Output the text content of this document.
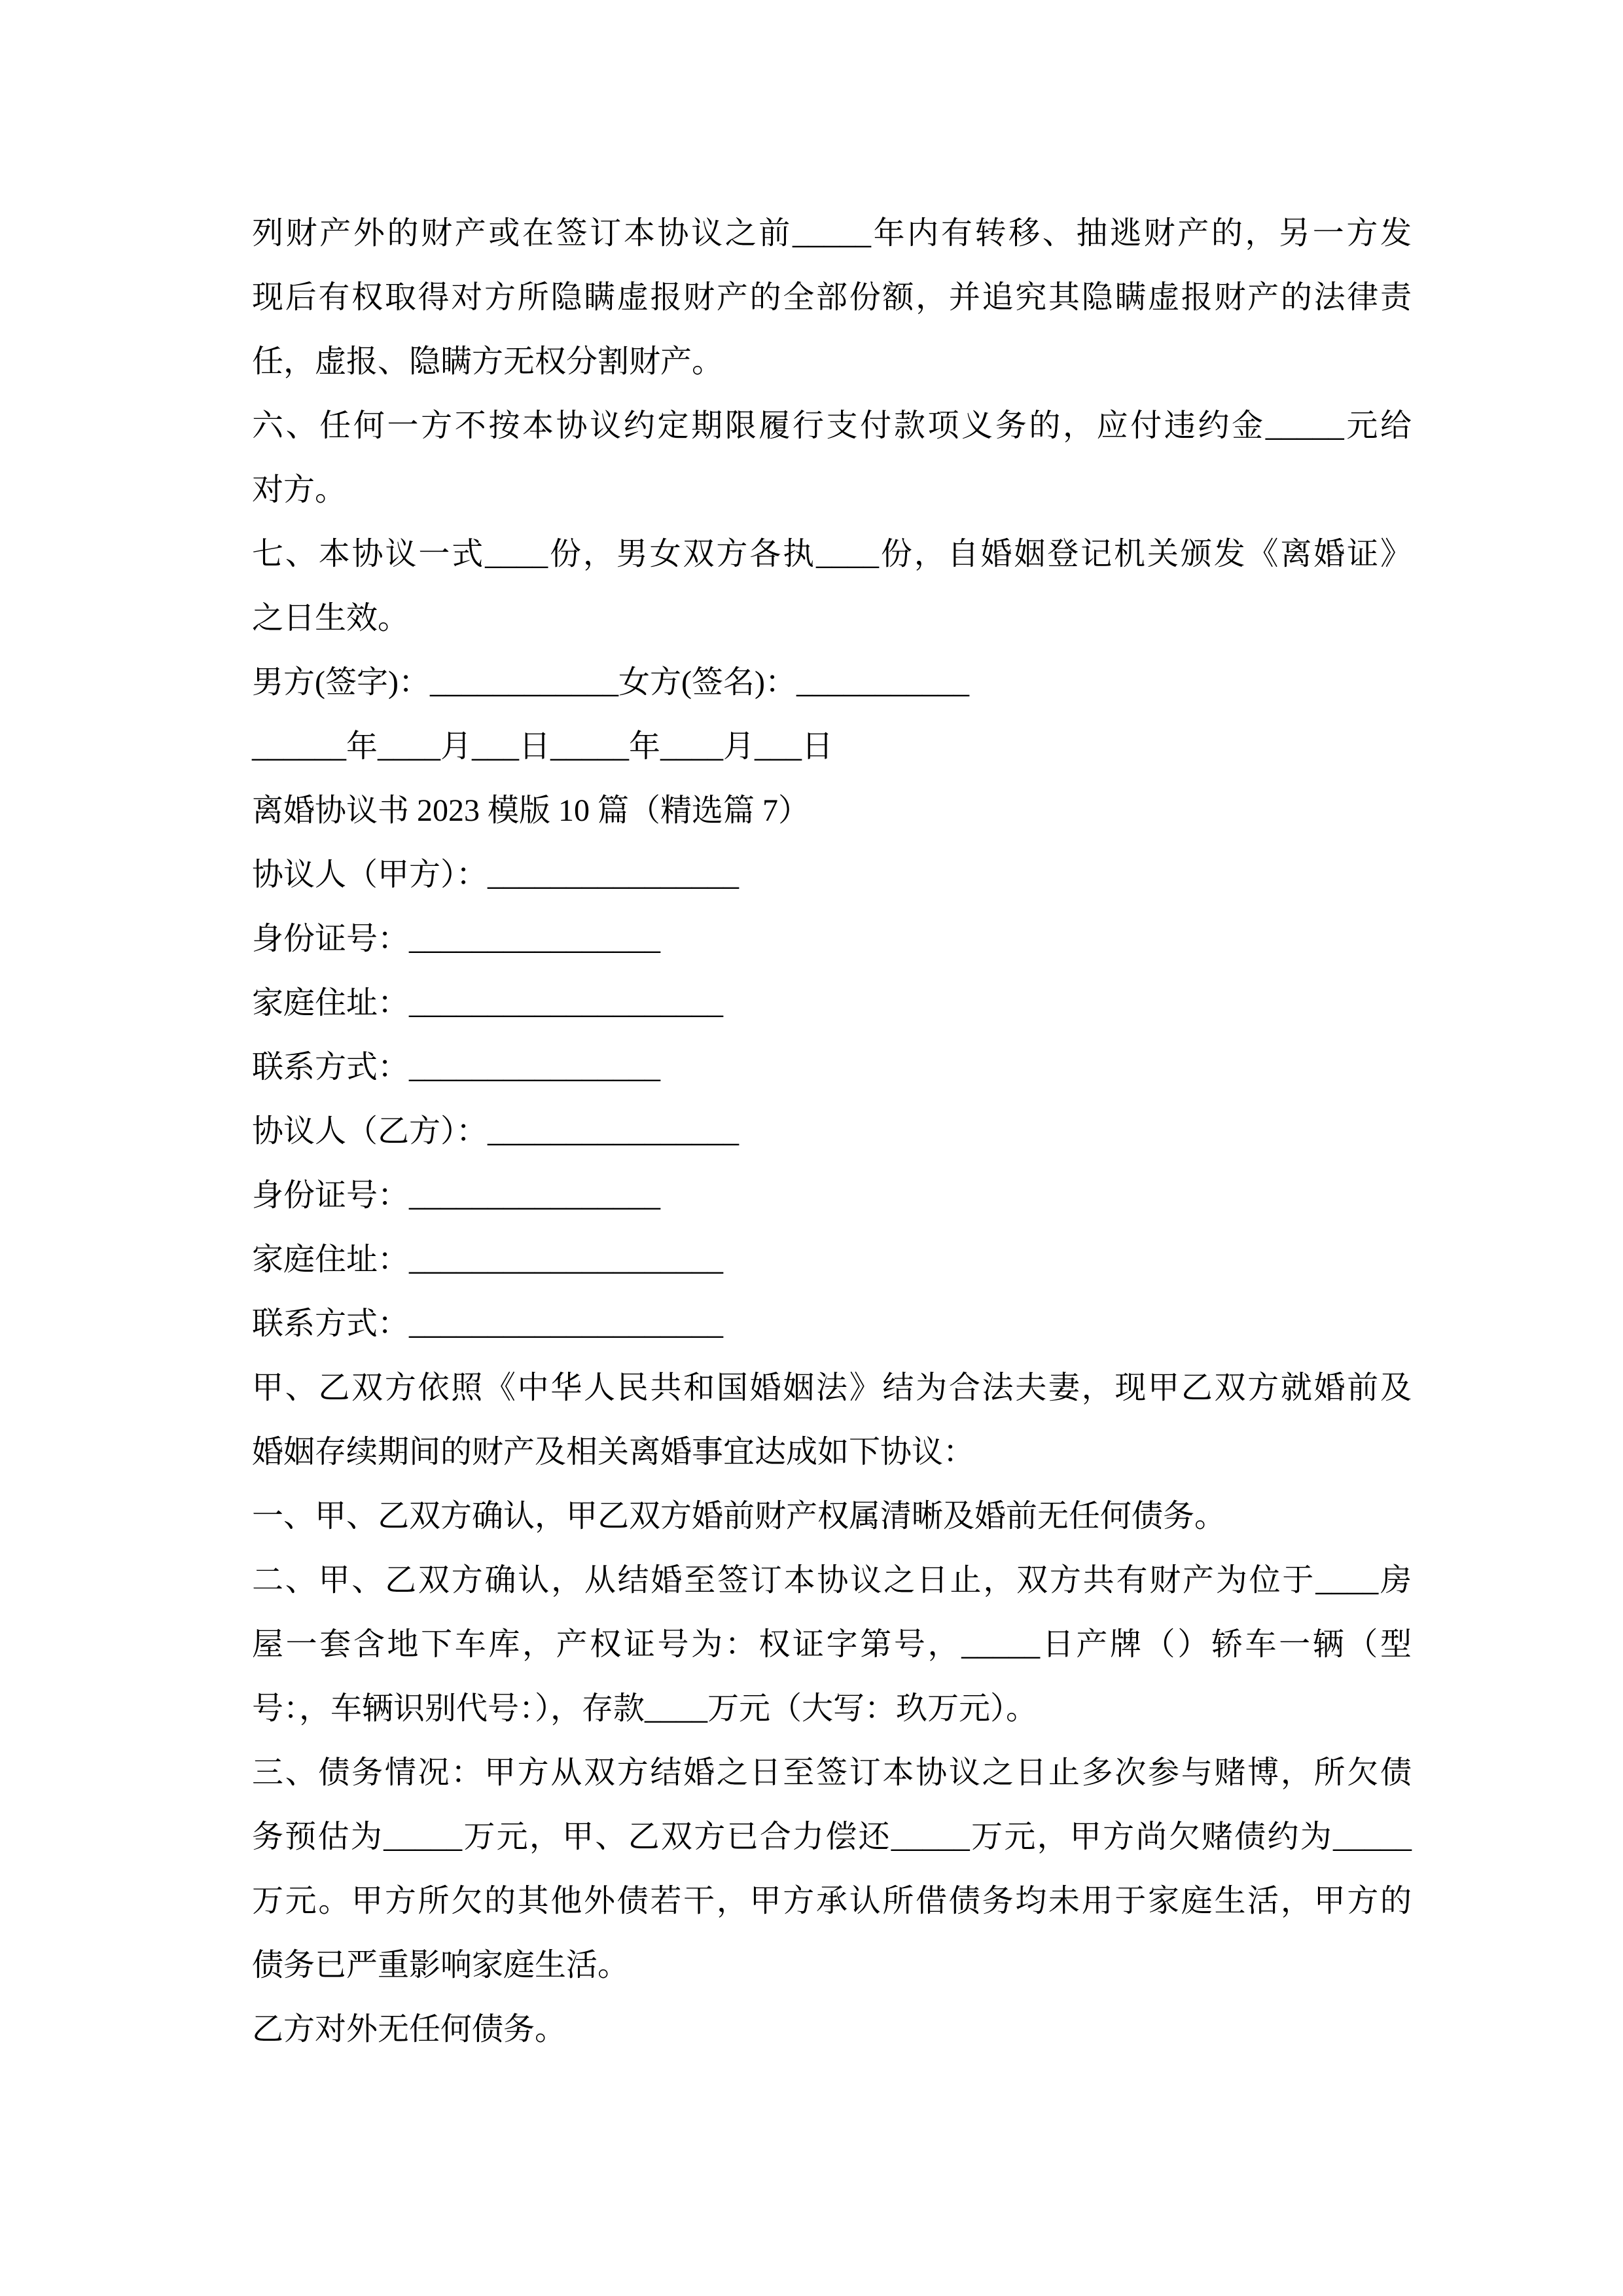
列财产外的财产或在签订本协议之前_____年内有转移、抽逃财产的，另一方发
现后有权取得对方所隐瞒虚报财产的全部份额，并追究其隐瞒虚报财产的法律责
任，虚报、隐瞒方无权分割财产。
六、任何一方不按本协议约定期限履行支付款项义务的，应付违约金_____元给
对方。
七、本协议一式____份，男女双方各执____份，自婚姻登记机关颁发《离婚证》
之日生效。
男方(签字)：____________女方(签名)：___________
______年____月___日_____年____月___日
离婚协议书 2023 模版 10 篇（精选篇 7）
协议人（甲方）：________________
身份证号：________________
家庭住址：____________________
联系方式：________________
协议人（乙方）：________________
身份证号：________________
家庭住址：____________________
联系方式：____________________
甲、乙双方依照《中华人民共和国婚姻法》结为合法夫妻，现甲乙双方就婚前及
婚姻存续期间的财产及相关离婚事宜达成如下协议：
一、甲、乙双方确认，甲乙双方婚前财产权属清晰及婚前无任何债务。
二、甲、乙双方确认，从结婚至签订本协议之日止，双方共有财产为位于____房
屋一套含地下车库，产权证号为：权证字第号，_____日产牌（）轿车一辆（型
号：，车辆识别代号：），存款____万元（大写：玖万元）。
三、债务情况：甲方从双方结婚之日至签订本协议之日止多次参与赌博，所欠债
务预估为_____万元，甲、乙双方已合力偿还_____万元，甲方尚欠赌债约为_____
万元。甲方所欠的其他外债若干，甲方承认所借债务均未用于家庭生活，甲方的
债务已严重影响家庭生活。
乙方对外无任何债务。
